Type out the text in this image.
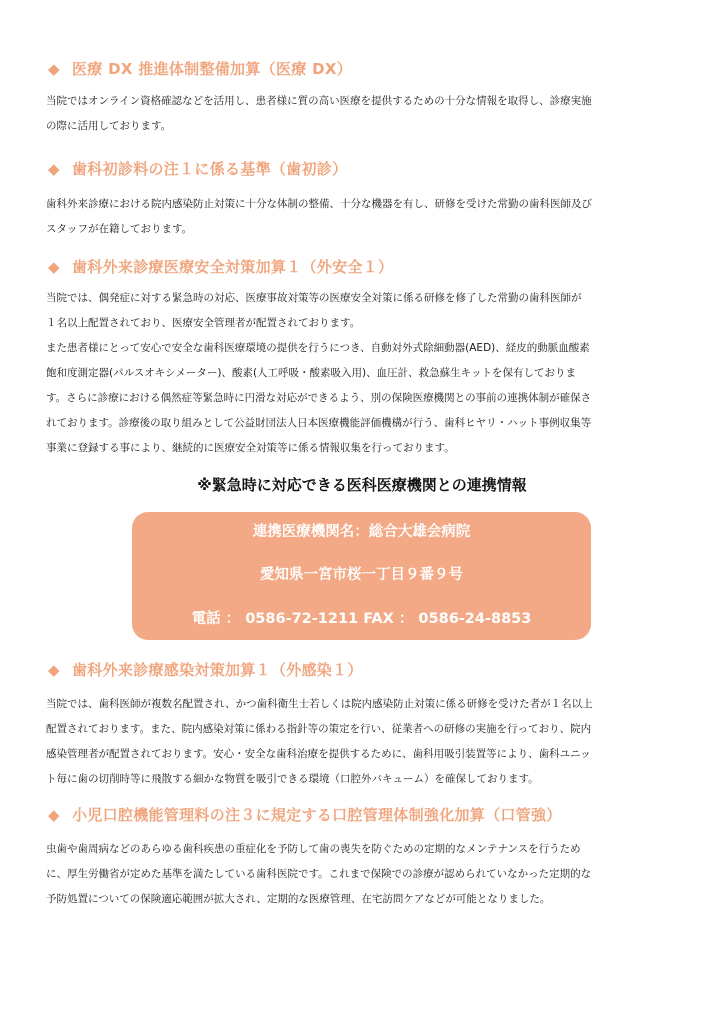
◆ 医療 DX 推進体制整備加算（医療 DX）
当院ではオンライン資格確認などを活用し、患者様に質の高い医療を提供するための十分な情報を取得し、診療実施
の際に活用しております。
◆ 歯科初診料の注１に係る基準（歯初診）
歯科外来診療における院内感染防止対策に十分な体制の整備、十分な機器を有し、研修を受けた常勤の歯科医師及び
スタッフが在籍しております。
◆ 歯科外来診療医療安全対策加算１（外安全１）
当院では、偶発症に対する緊急時の対応、医療事故対策等の医療安全対策に係る研修を修了した常勤の歯科医師が
１名以上配置されており、医療安全管理者が配置されております。
また患者様にとって安心で安全な歯科医療環境の提供を行うにつき、自動対外式除細動器(AED)、経皮的動脈血酸素
飽和度測定器(パルスオキシメーター)、酸素(人工呼吸・酸素吸入用)、血圧計、救急蘇生キットを保有しておりま
す。さらに診療における偶然症等緊急時に円滑な対応ができるよう、別の保険医療機関との事前の連携体制が確保さ
れております。診療後の取り組みとして公益財団法人日本医療機能評価機構が行う、歯科ヒヤリ・ハット事例収集等
事業に登録する事により、継続的に医療安全対策等に係る情報収集を行っております。
※緊急時に対応できる医科医療機関との連携情報
連携医療機関名：総合大雄会病院
愛知県一宮市桜一丁目９番９号
電話 ： 0586-72-1211 FAX ： 0586-24-8853
◆ 歯科外来診療感染対策加算１（外感染１）
当院では、歯科医師が複数名配置され、かつ歯科衛生士若しくは院内感染防止対策に係る研修を受けた者が１名以上
配置されております。また、院内感染対策に係わる指針等の策定を行い、従業者への研修の実施を行っており、院内
感染管理者が配置されております。安心・安全な歯科治療を提供するために、歯科用吸引装置等により、歯科ユニッ
ト毎に歯の切削時等に飛散する細かな物質を吸引できる環境（口腔外バキューム）を確保しております。
◆ 小児口腔機能管理料の注３に規定する口腔管理体制強化加算（口管強）
虫歯や歯周病などのあらゆる歯科疾患の重症化を予防して歯の喪失を防ぐための定期的なメンテナンスを行うため
に、厚生労働省が定めた基準を満たしている歯科医院です。これまで保険での診療が認められていなかった定期的な
予防処置についての保険適応範囲が拡大され、定期的な医療管理、在宅訪問ケアなどが可能となりました。
